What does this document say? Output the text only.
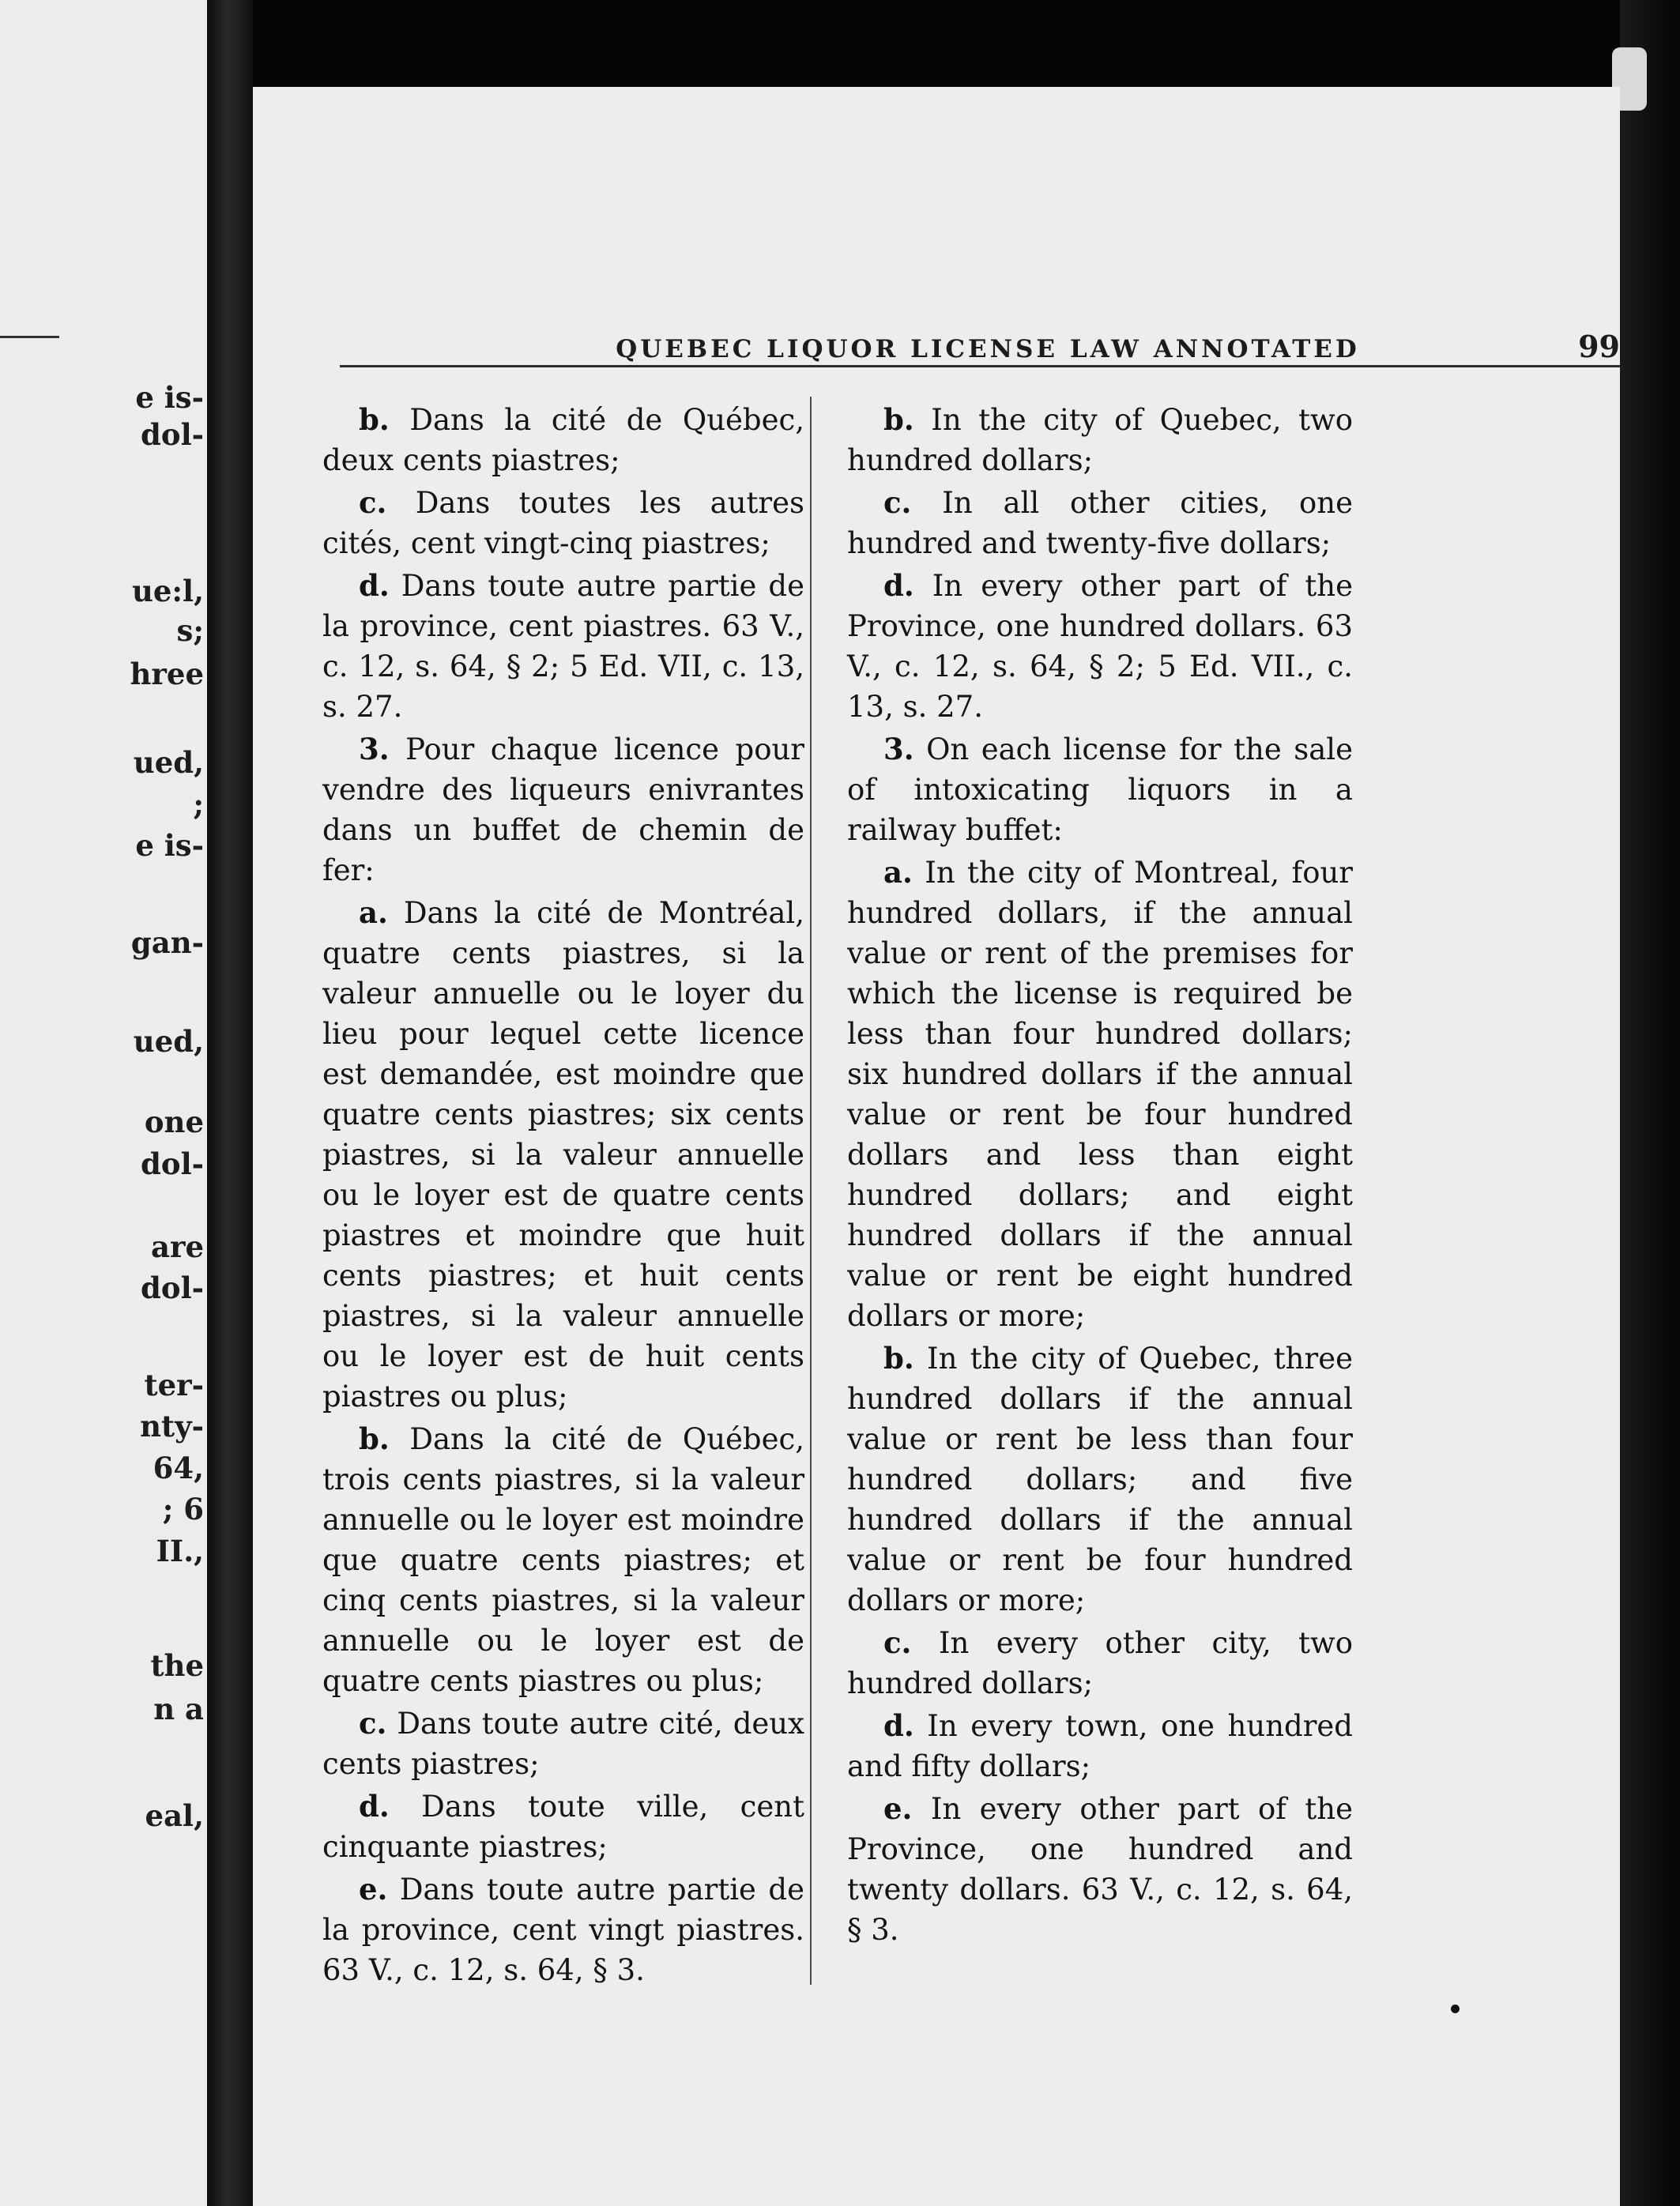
e is-
dol-
ue:l,
s;
hree
ued,
;
e is-
gan-
ued,
one
dol-
are
dol-
ter-
nty-
64,
; 6
II.,
the
n a
eal,
QUEBEC LIQUOR LICENSE LAW ANNOTATED	99

b. Dans la cité de Québec, deux cents piastres;

c. Dans toutes les autres cités, cent vingt-cinq piastres;

d. Dans toute autre partie de la province, cent piastres. 63 V., c. 12, s. 64, § 2; 5 Ed. VII, c. 13, s. 27.

3. Pour chaque licence pour vendre des liqueurs enivrantes dans un buffet de chemin de fer:

a. Dans la cité de Montréal, quatre cents piastres, si la valeur annuelle ou le loyer du lieu pour lequel cette licence est demandée, est moindre que quatre cents piastres; six cents piastres, si la valeur annuelle ou le loyer est de quatre cents piastres et moindre que huit cents piastres; et huit cents piastres, si la valeur annuelle ou le loyer est de huit cents piastres ou plus;

b. Dans la cité de Québec, trois cents piastres, si la valeur annuelle ou le loyer est moindre que quatre cents piastres; et cinq cents piastres, si la valeur annuelle ou le loyer est de quatre cents piastres ou plus;

c. Dans toute autre cité, deux cents piastres;

d. Dans toute ville, cent cinquante piastres;

e. Dans toute autre partie de la province, cent vingt piastres. 63 V., c. 12, s. 64, § 3.

b. In the city of Quebec, two hundred dollars;

c. In all other cities, one hundred and twenty-five dollars;

d. In every other part of the Province, one hundred dollars. 63 V., c. 12, s. 64, § 2; 5 Ed. VII., c. 13, s. 27.

3. On each license for the sale of intoxicating liquors in a railway buffet:

a. In the city of Montreal, four hundred dollars, if the annual value or rent of the premises for which the license is required be less than four hundred dollars; six hundred dollars if the annual value or rent be four hundred dollars and less than eight hundred dollars; and eight hundred dollars if the annual value or rent be eight hundred dollars or more;

b. In the city of Quebec, three hundred dollars if the annual value or rent be less than four hundred dollars; and five hundred dollars if the annual value or rent be four hundred dollars or more;

c. In every other city, two hundred dollars;

d. In every town, one hundred and fifty dollars;

e. In every other part of the Province, one hundred and twenty dollars. 63 V., c. 12, s. 64, § 3.
